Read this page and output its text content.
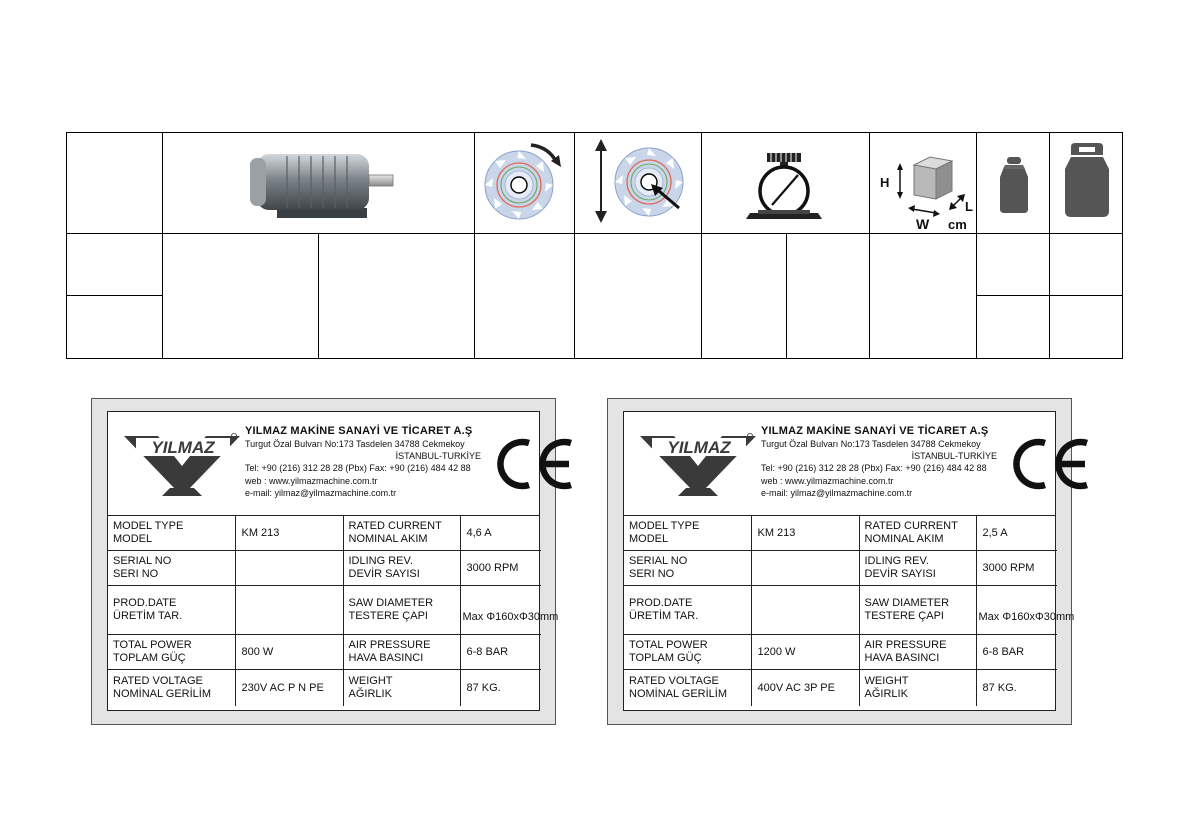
H
W
L
cm
YILMAZ
YILMAZ MAKİNE SANAYİ VE TİCARET A.Ş
Turgut Özal Bulvarı No:173 Tasdelen 34788 Cekmekoy
İSTANBUL-TURKİYE
Tel: +90 (216) 312 28 28 (Pbx) Fax: +90 (216) 484 42 88
web : www.yilmazmachine.com.tr
e-mail: yilmaz@yilmazmachine.com.tr
MODEL TYPE
MODEL	KM 213	RATED CURRENT
NOMINAL AKIM	4,6 A

SERIAL NO
SERI NO		IDLING REV.
DEVİR SAYISI	3000 RPM

PROD.DATE
ÜRETİM TAR.		SAW DIAMETER
TESTERE ÇAPI	Max Φ160xΦ30mm

TOTAL POWER
TOPLAM GÜÇ	800 W	AIR PRESSURE
HAVA BASINCI	6-8 BAR

RATED VOLTAGE
NOMİNAL GERİLİM	230V AC P N PE	WEIGHT
AĞIRLIK	87 KG.
YILMAZ
YILMAZ MAKİNE SANAYİ VE TİCARET A.Ş
Turgut Özal Bulvarı No:173 Tasdelen 34788 Cekmekoy
İSTANBUL-TURKİYE
Tel: +90 (216) 312 28 28 (Pbx) Fax: +90 (216) 484 42 88
web : www.yilmazmachine.com.tr
e-mail: yilmaz@yilmazmachine.com.tr
MODEL TYPE
MODEL	KM 213	RATED CURRENT
NOMINAL AKIM	2,5 A

SERIAL NO
SERI NO		IDLING REV.
DEVİR SAYISI	3000 RPM

PROD.DATE
ÜRETİM TAR.		SAW DIAMETER
TESTERE ÇAPI	Max Φ160xΦ30mm

TOTAL POWER
TOPLAM GÜÇ	1200 W	AIR PRESSURE
HAVA BASINCI	6-8 BAR

RATED VOLTAGE
NOMİNAL GERİLİM	400V AC 3P PE	WEIGHT
AĞIRLIK	87 KG.
